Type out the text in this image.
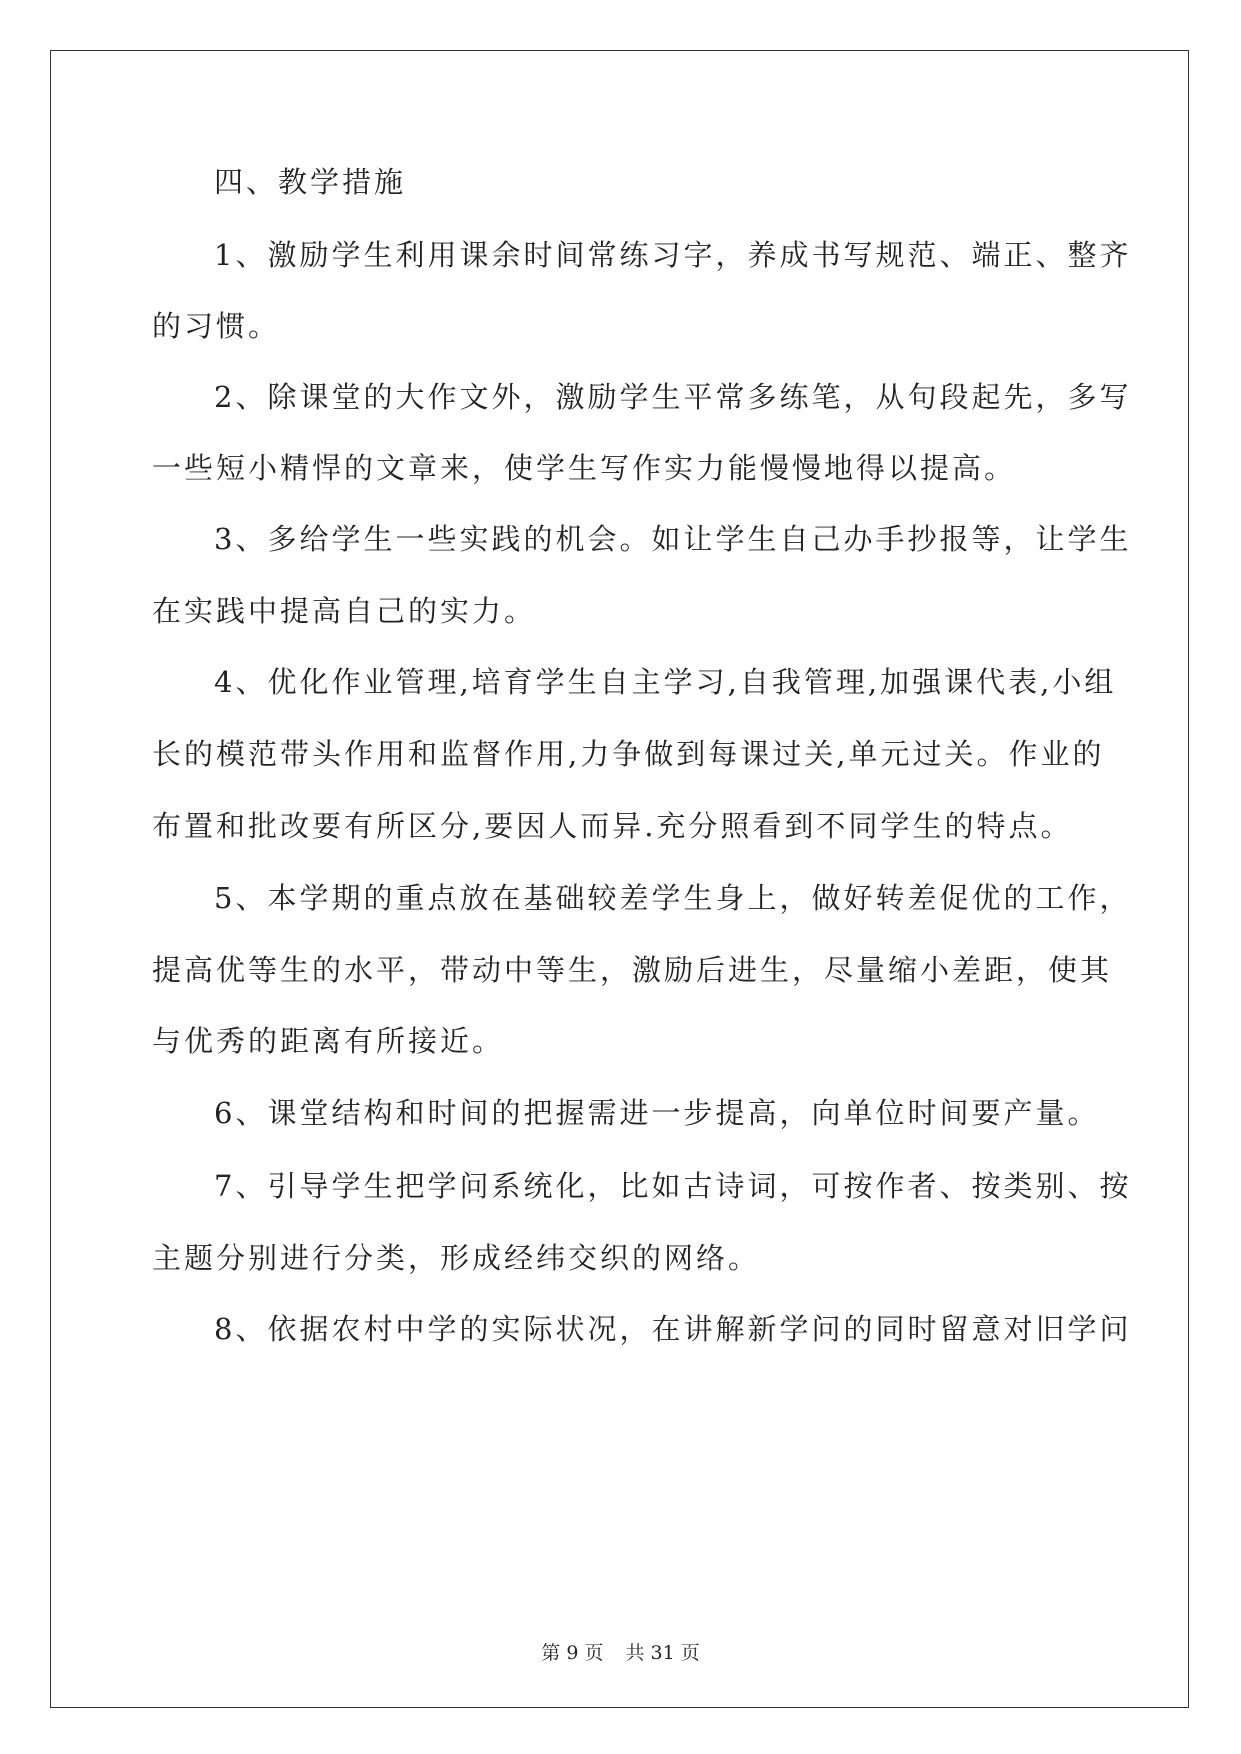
四、教学措施
1、激励学生利用课余时间常练习字，养成书写规范、端正、整齐
的习惯。
2、除课堂的大作文外，激励学生平常多练笔，从句段起先，多写
一些短小精悍的文章来，使学生写作实力能慢慢地得以提高。
3、多给学生一些实践的机会。如让学生自己办手抄报等，让学生
在实践中提高自己的实力。
4、优化作业管理,培育学生自主学习,自我管理,加强课代表,小组
长的模范带头作用和监督作用,力争做到每课过关,单元过关。作业的
布置和批改要有所区分,要因人而异.充分照看到不同学生的特点。
5、本学期的重点放在基础较差学生身上，做好转差促优的工作，
提高优等生的水平，带动中等生，激励后进生，尽量缩小差距，使其
与优秀的距离有所接近。
6、课堂结构和时间的把握需进一步提高，向单位时间要产量。
7、引导学生把学问系统化，比如古诗词，可按作者、按类别、按
主题分别进行分类，形成经纬交织的网络。
8、依据农村中学的实际状况，在讲解新学问的同时留意对旧学问
第 9 页 共 31 页
